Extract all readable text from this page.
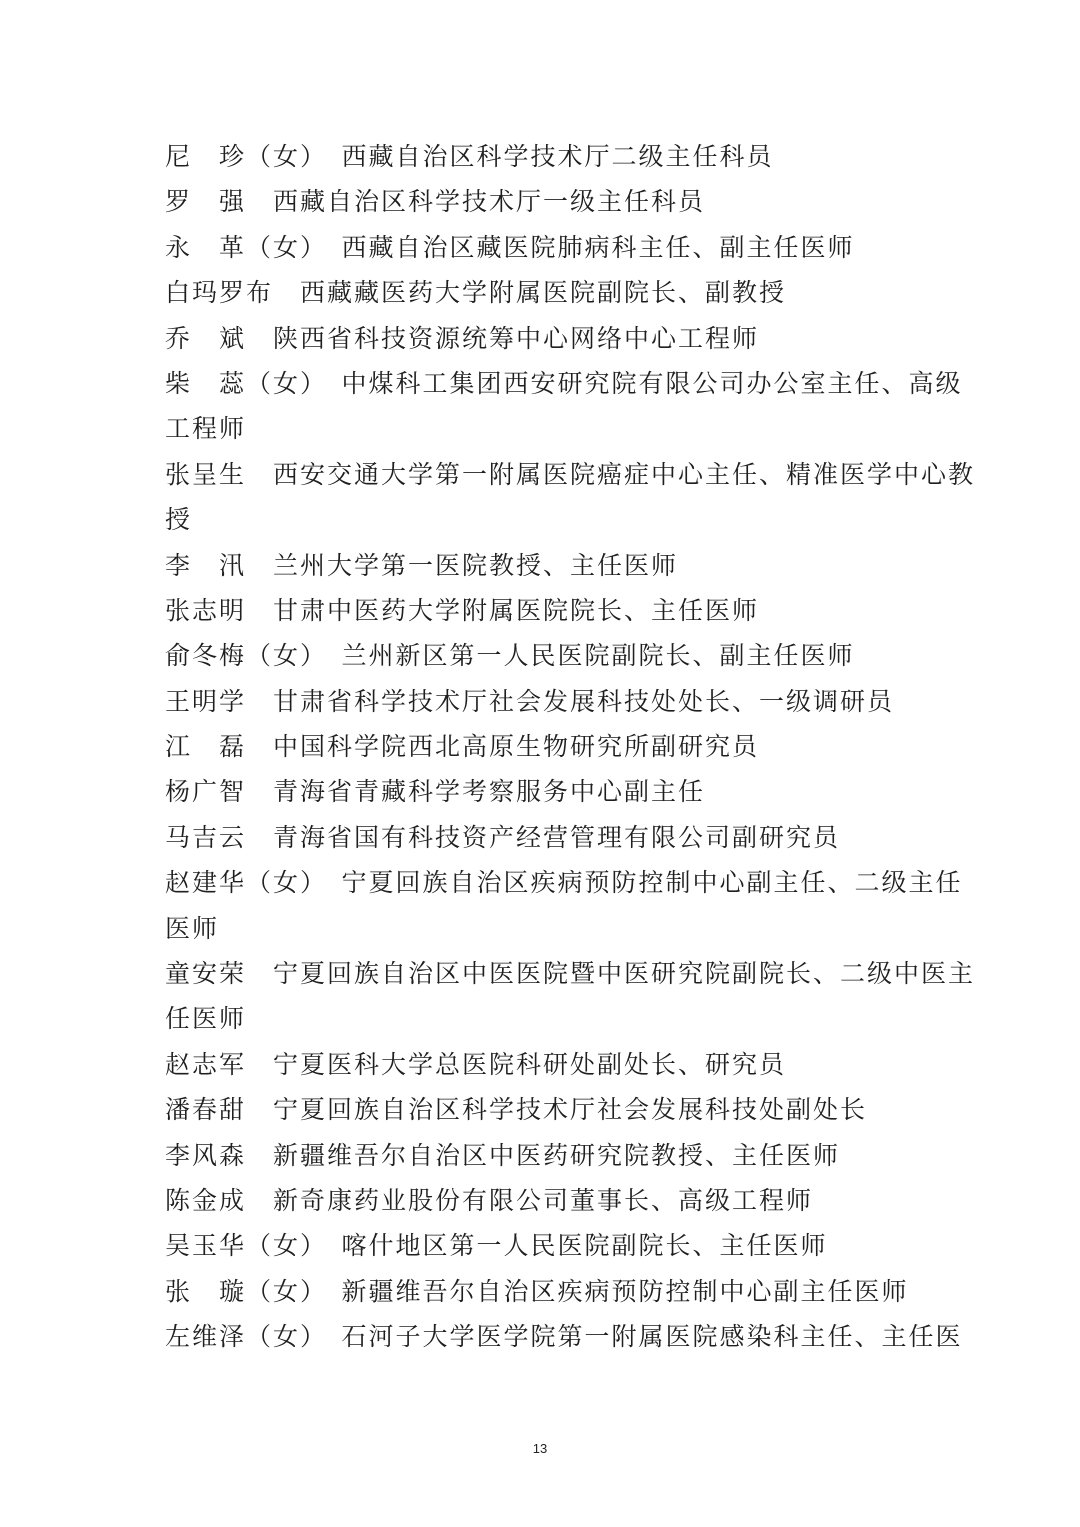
尼　珍（女）　西藏自治区科学技术厅二级主任科员
罗　强　西藏自治区科学技术厅一级主任科员
永　革（女）　西藏自治区藏医院肺病科主任、副主任医师
白玛罗布　西藏藏医药大学附属医院副院长、副教授
乔　斌　陕西省科技资源统筹中心网络中心工程师
柴　蕊（女）　中煤科工集团西安研究院有限公司办公室主任、高级
工程师
张呈生　西安交通大学第一附属医院癌症中心主任、精准医学中心教
授
李　汛　兰州大学第一医院教授、主任医师
张志明　甘肃中医药大学附属医院院长、主任医师
俞冬梅（女）　兰州新区第一人民医院副院长、副主任医师
王明学　甘肃省科学技术厅社会发展科技处处长、一级调研员
江　磊　中国科学院西北高原生物研究所副研究员
杨广智　青海省青藏科学考察服务中心副主任
马吉云　青海省国有科技资产经营管理有限公司副研究员
赵建华（女）　宁夏回族自治区疾病预防控制中心副主任、二级主任
医师
童安荣　宁夏回族自治区中医医院暨中医研究院副院长、二级中医主
任医师
赵志军　宁夏医科大学总医院科研处副处长、研究员
潘春甜　宁夏回族自治区科学技术厅社会发展科技处副处长
李风森　新疆维吾尔自治区中医药研究院教授、主任医师
陈金成　新奇康药业股份有限公司董事长、高级工程师
吴玉华（女）　喀什地区第一人民医院副院长、主任医师
张　璇（女）　新疆维吾尔自治区疾病预防控制中心副主任医师
左维泽（女）　石河子大学医学院第一附属医院感染科主任、主任医
13
